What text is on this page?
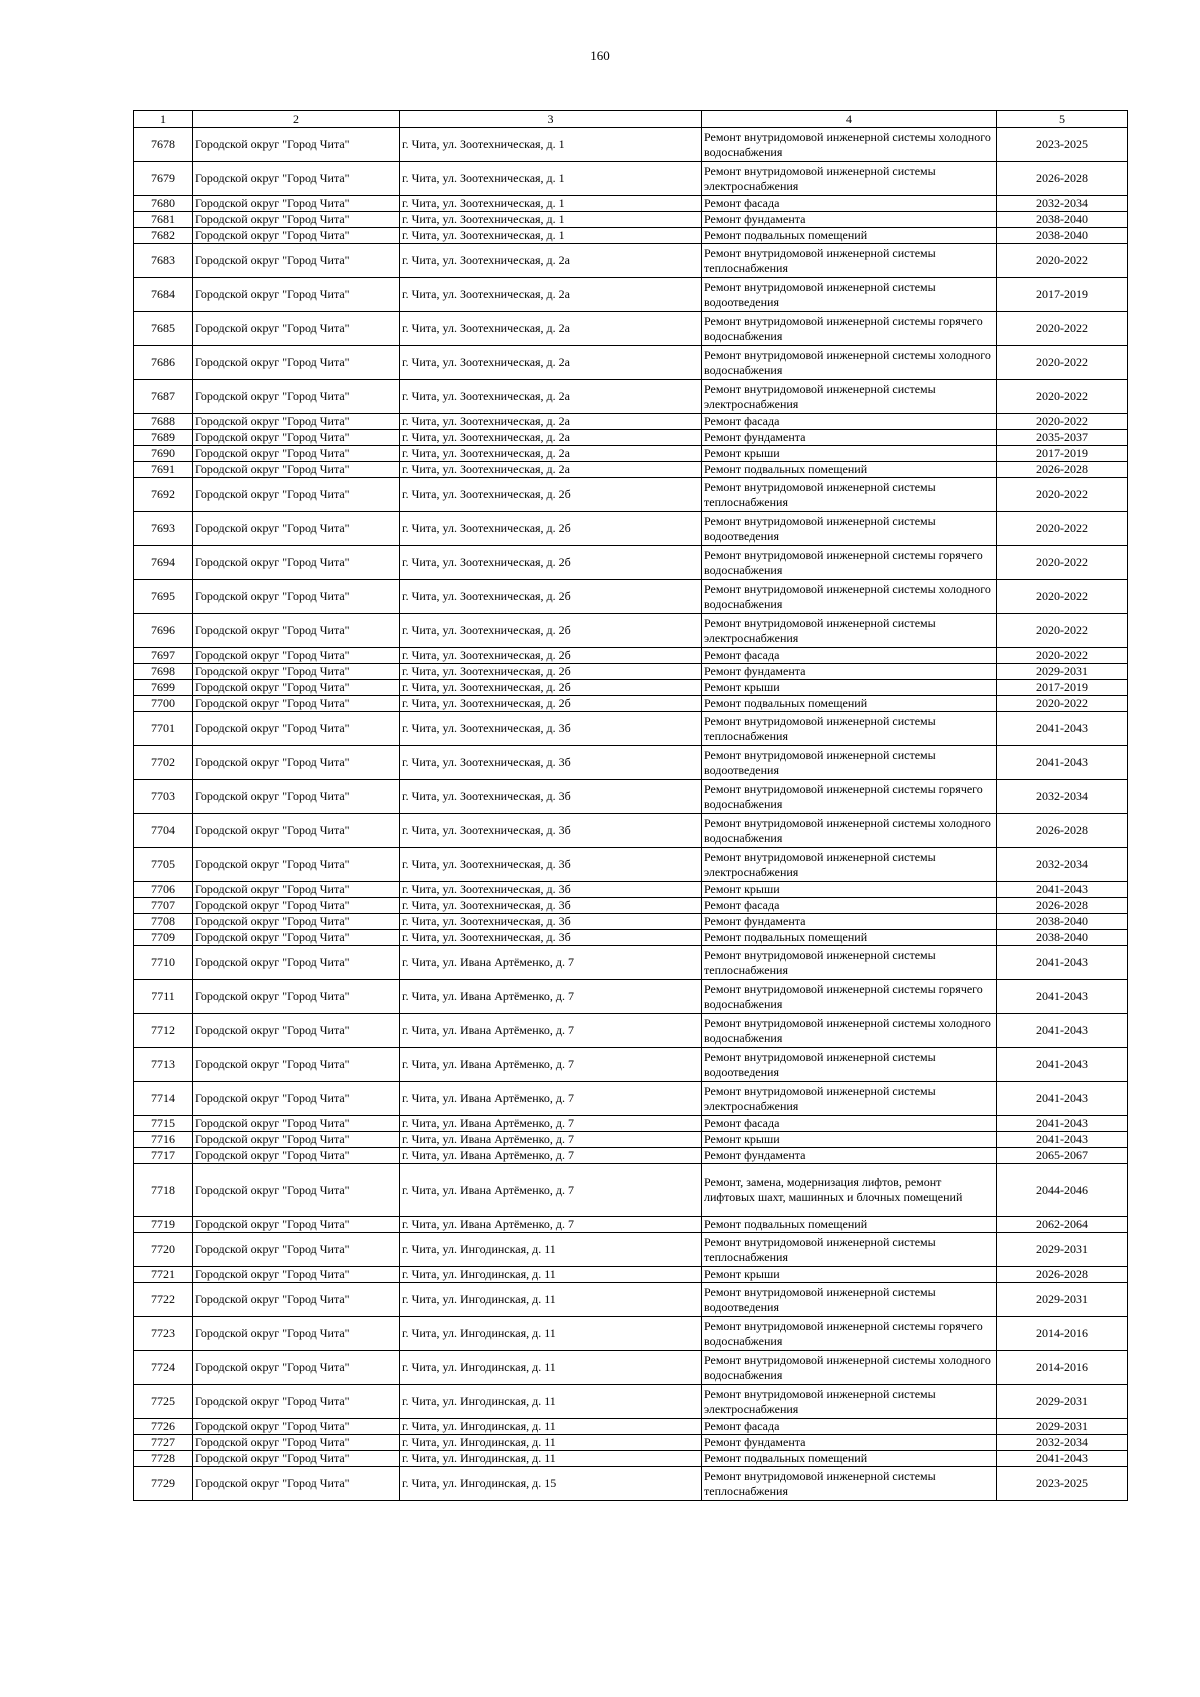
160
1	2	3	4	5
7678	Городской округ "Город Чита"	г. Чита, ул. Зоотехническая, д. 1	Ремонт внутридомовой инженерной системы холодного водоснабжения	2023-2025
7679	Городской округ "Город Чита"	г. Чита, ул. Зоотехническая, д. 1	Ремонт внутридомовой инженерной системы электроснабжения	2026-2028
7680	Городской округ "Город Чита"	г. Чита, ул. Зоотехническая, д. 1	Ремонт фасада	2032-2034
7681	Городской округ "Город Чита"	г. Чита, ул. Зоотехническая, д. 1	Ремонт фундамента	2038-2040
7682	Городской округ "Город Чита"	г. Чита, ул. Зоотехническая, д. 1	Ремонт подвальных помещений	2038-2040
7683	Городской округ "Город Чита"	г. Чита, ул. Зоотехническая, д. 2а	Ремонт внутридомовой инженерной системы теплоснабжения	2020-2022
7684	Городской округ "Город Чита"	г. Чита, ул. Зоотехническая, д. 2а	Ремонт внутридомовой инженерной системы водоотведения	2017-2019
7685	Городской округ "Город Чита"	г. Чита, ул. Зоотехническая, д. 2а	Ремонт внутридомовой инженерной системы горячего водоснабжения	2020-2022
7686	Городской округ "Город Чита"	г. Чита, ул. Зоотехническая, д. 2а	Ремонт внутридомовой инженерной системы холодного водоснабжения	2020-2022
7687	Городской округ "Город Чита"	г. Чита, ул. Зоотехническая, д. 2а	Ремонт внутридомовой инженерной системы электроснабжения	2020-2022
7688	Городской округ "Город Чита"	г. Чита, ул. Зоотехническая, д. 2а	Ремонт фасада	2020-2022
7689	Городской округ "Город Чита"	г. Чита, ул. Зоотехническая, д. 2а	Ремонт фундамента	2035-2037
7690	Городской округ "Город Чита"	г. Чита, ул. Зоотехническая, д. 2а	Ремонт крыши	2017-2019
7691	Городской округ "Город Чита"	г. Чита, ул. Зоотехническая, д. 2а	Ремонт подвальных помещений	2026-2028
7692	Городской округ "Город Чита"	г. Чита, ул. Зоотехническая, д. 2б	Ремонт внутридомовой инженерной системы теплоснабжения	2020-2022
7693	Городской округ "Город Чита"	г. Чита, ул. Зоотехническая, д. 2б	Ремонт внутридомовой инженерной системы водоотведения	2020-2022
7694	Городской округ "Город Чита"	г. Чита, ул. Зоотехническая, д. 2б	Ремонт внутридомовой инженерной системы горячего водоснабжения	2020-2022
7695	Городской округ "Город Чита"	г. Чита, ул. Зоотехническая, д. 2б	Ремонт внутридомовой инженерной системы холодного водоснабжения	2020-2022
7696	Городской округ "Город Чита"	г. Чита, ул. Зоотехническая, д. 2б	Ремонт внутридомовой инженерной системы электроснабжения	2020-2022
7697	Городской округ "Город Чита"	г. Чита, ул. Зоотехническая, д. 2б	Ремонт фасада	2020-2022
7698	Городской округ "Город Чита"	г. Чита, ул. Зоотехническая, д. 2б	Ремонт фундамента	2029-2031
7699	Городской округ "Город Чита"	г. Чита, ул. Зоотехническая, д. 2б	Ремонт крыши	2017-2019
7700	Городской округ "Город Чита"	г. Чита, ул. Зоотехническая, д. 2б	Ремонт подвальных помещений	2020-2022
7701	Городской округ "Город Чита"	г. Чита, ул. Зоотехническая, д. 3б	Ремонт внутридомовой инженерной системы теплоснабжения	2041-2043
7702	Городской округ "Город Чита"	г. Чита, ул. Зоотехническая, д. 3б	Ремонт внутридомовой инженерной системы водоотведения	2041-2043
7703	Городской округ "Город Чита"	г. Чита, ул. Зоотехническая, д. 3б	Ремонт внутридомовой инженерной системы горячего водоснабжения	2032-2034
7704	Городской округ "Город Чита"	г. Чита, ул. Зоотехническая, д. 3б	Ремонт внутридомовой инженерной системы холодного водоснабжения	2026-2028
7705	Городской округ "Город Чита"	г. Чита, ул. Зоотехническая, д. 3б	Ремонт внутридомовой инженерной системы электроснабжения	2032-2034
7706	Городской округ "Город Чита"	г. Чита, ул. Зоотехническая, д. 3б	Ремонт крыши	2041-2043
7707	Городской округ "Город Чита"	г. Чита, ул. Зоотехническая, д. 3б	Ремонт фасада	2026-2028
7708	Городской округ "Город Чита"	г. Чита, ул. Зоотехническая, д. 3б	Ремонт фундамента	2038-2040
7709	Городской округ "Город Чита"	г. Чита, ул. Зоотехническая, д. 3б	Ремонт подвальных помещений	2038-2040
7710	Городской округ "Город Чита"	г. Чита, ул. Ивана Артёменко, д. 7	Ремонт внутридомовой инженерной системы теплоснабжения	2041-2043
7711	Городской округ "Город Чита"	г. Чита, ул. Ивана Артёменко, д. 7	Ремонт внутридомовой инженерной системы горячего водоснабжения	2041-2043
7712	Городской округ "Город Чита"	г. Чита, ул. Ивана Артёменко, д. 7	Ремонт внутридомовой инженерной системы холодного водоснабжения	2041-2043
7713	Городской округ "Город Чита"	г. Чита, ул. Ивана Артёменко, д. 7	Ремонт внутридомовой инженерной системы водоотведения	2041-2043
7714	Городской округ "Город Чита"	г. Чита, ул. Ивана Артёменко, д. 7	Ремонт внутридомовой инженерной системы электроснабжения	2041-2043
7715	Городской округ "Город Чита"	г. Чита, ул. Ивана Артёменко, д. 7	Ремонт фасада	2041-2043
7716	Городской округ "Город Чита"	г. Чита, ул. Ивана Артёменко, д. 7	Ремонт крыши	2041-2043
7717	Городской округ "Город Чита"	г. Чита, ул. Ивана Артёменко, д. 7	Ремонт фундамента	2065-2067
7718	Городской округ "Город Чита"	г. Чита, ул. Ивана Артёменко, д. 7	Ремонт, замена, модернизация лифтов, ремонт лифтовых шахт, машинных и блочных помещений	2044-2046
7719	Городской округ "Город Чита"	г. Чита, ул. Ивана Артёменко, д. 7	Ремонт подвальных помещений	2062-2064
7720	Городской округ "Город Чита"	г. Чита, ул. Ингодинская, д. 11	Ремонт внутридомовой инженерной системы теплоснабжения	2029-2031
7721	Городской округ "Город Чита"	г. Чита, ул. Ингодинская, д. 11	Ремонт крыши	2026-2028
7722	Городской округ "Город Чита"	г. Чита, ул. Ингодинская, д. 11	Ремонт внутридомовой инженерной системы водоотведения	2029-2031
7723	Городской округ "Город Чита"	г. Чита, ул. Ингодинская, д. 11	Ремонт внутридомовой инженерной системы горячего водоснабжения	2014-2016
7724	Городской округ "Город Чита"	г. Чита, ул. Ингодинская, д. 11	Ремонт внутридомовой инженерной системы холодного водоснабжения	2014-2016
7725	Городской округ "Город Чита"	г. Чита, ул. Ингодинская, д. 11	Ремонт внутридомовой инженерной системы электроснабжения	2029-2031
7726	Городской округ "Город Чита"	г. Чита, ул. Ингодинская, д. 11	Ремонт фасада	2029-2031
7727	Городской округ "Город Чита"	г. Чита, ул. Ингодинская, д. 11	Ремонт фундамента	2032-2034
7728	Городской округ "Город Чита"	г. Чита, ул. Ингодинская, д. 11	Ремонт подвальных помещений	2041-2043
7729	Городской округ "Город Чита"	г. Чита, ул. Ингодинская, д. 15	Ремонт внутридомовой инженерной системы теплоснабжения	2023-2025
